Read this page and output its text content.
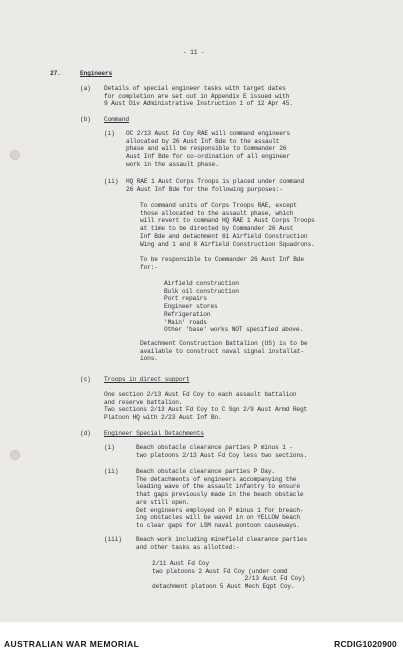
- 11 -
27.	Engineers
(a) Details of special engineer tasks with target dates
for completion are set out in Appendix E issued with
9 Aust Div Administrative Instruction 1 of 12 Apr 45.
(b) Command
(i) OC 2/13 Aust Fd Coy RAE will command engineers
allocated by 26 Aust Inf Bde to the assault
phase and will be responsible to Commander 26
Aust Inf Bde for co-ordination of all engineer
work in the assault phase.
(ii) HQ RAE 1 Aust Corps Troops is placed under command
26 Aust Inf Bde for the following purposes:-
To command units of Corps Troops RAE, except
those allocated to the assault phase, which
will revert to command HQ RAE 1 Aust Corps Troops
at time to be directed by Commander 26 Aust
Inf Bde and detachment 61 Airfield Construction
Wing and 1 and 8 Airfield Construction Squadrons.
To be responsible to Commander 26 Aust Inf Bde
for:-
Airfield construction
Bulk oil construction
Port repairs
Engineer stores
Refrigeration
'Main' roads
Other 'base' works NOT specified above.
Detachment Construction Battalion (US) is to be
available to construct naval signal installat-
ions.
(c) Troops in direct support
One section 2/13 Aust Fd Coy to each assault battalion
and reserve battalion.
Two sections 2/13 Aust Fd Coy to C Sqn 2/9 Aust Armd Regt
Platoon HQ with 2/23 Aust Inf Bn.
(d) Engineer Special Detachments
(i)	Beach obstacle clearance parties P minus 1 -
two platoons 2/13 Aust Fd Coy less two sections.
(ii)	Beach obstacle clearance parties P Day.
The detachments of engineers accompanying the
leading wave of the assault infantry to ensure
that gaps previously made in the beach obstacle
are still open.
Det engineers employed on P minus 1 for breach-
ing obstacles will be waved in on YELLOW beach
to clear gaps for LSM naval pontoon causeways.
(iii) Beach work including minefield clearance parties
and other tasks as allotted:-
2/11 Aust Fd Coy
two platoons 2 Aust Fd Coy (under comd
2/13 Aust Fd Coy)
detachment platoon 5 Aust Mech Eqpt Coy.
AUSTRALIAN WAR MEMORIAL	RCDIG1020900
